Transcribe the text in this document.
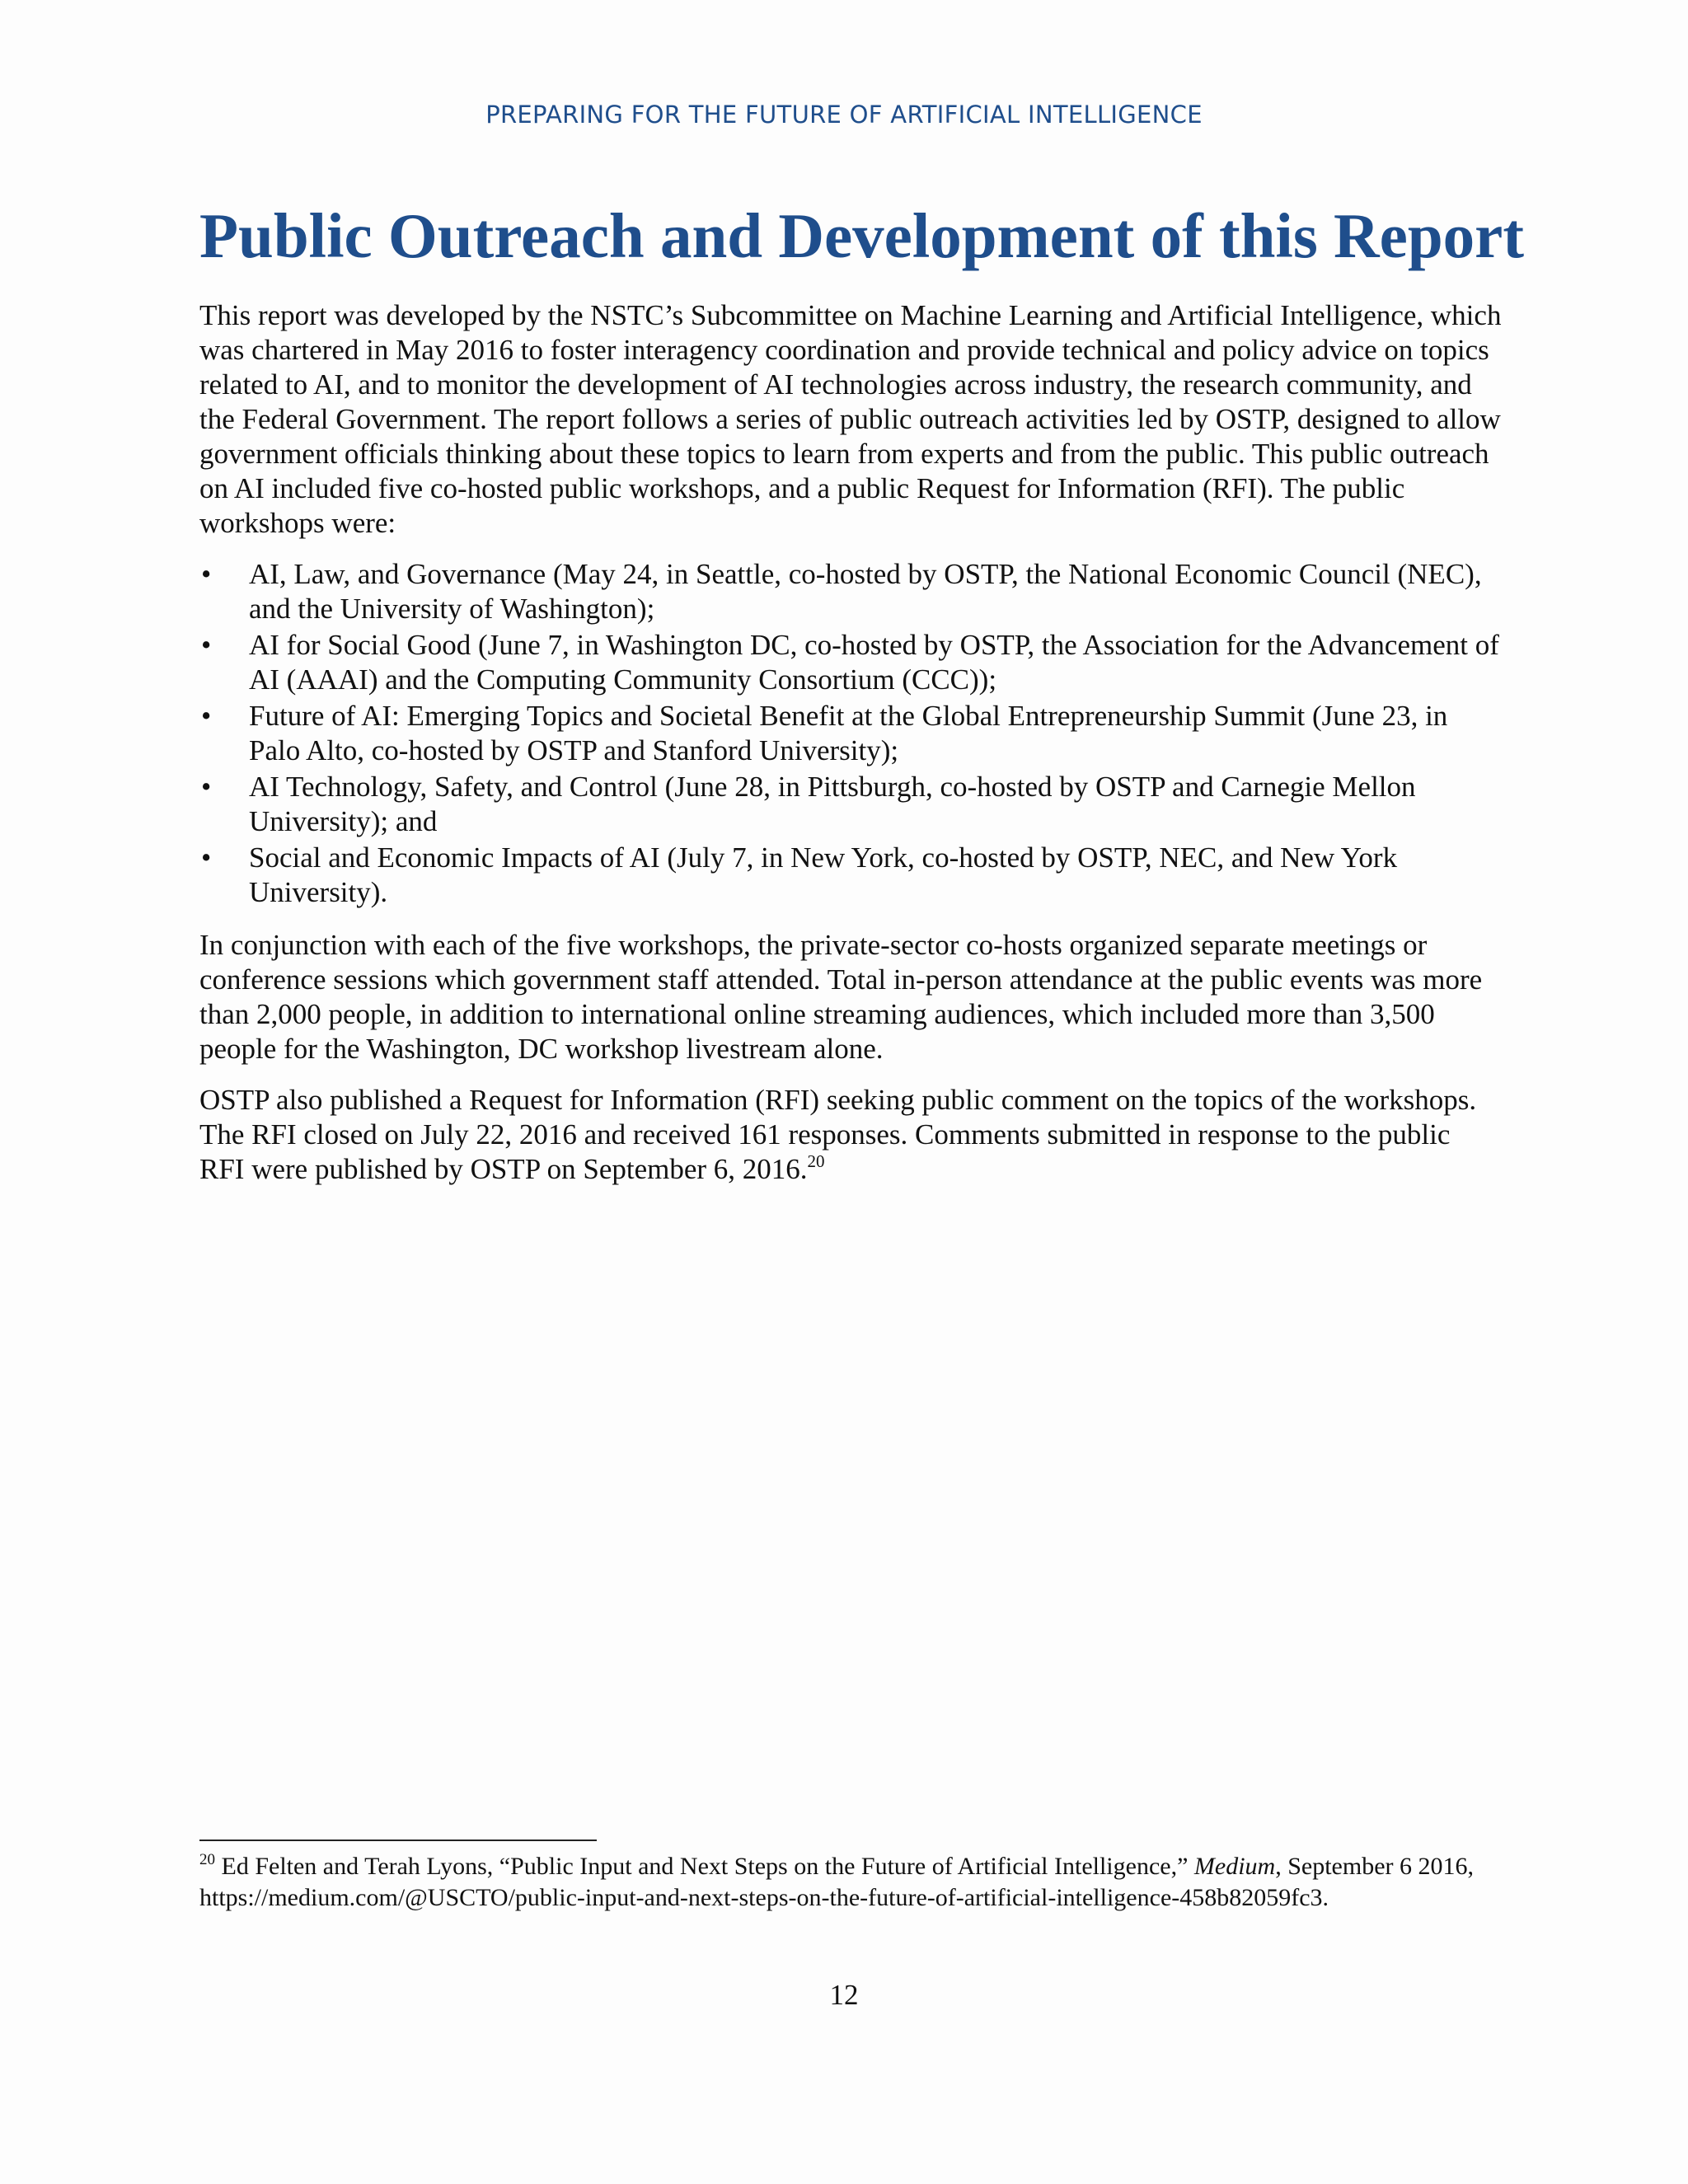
PREPARING FOR THE FUTURE OF ARTIFICIAL INTELLIGENCE
Public Outreach and Development of this Report

This report was developed by the NSTC’s Subcommittee on Machine Learning and Artificial Intelligence, which was chartered in May 2016 to foster interagency coordination and provide technical and policy advice on topics related to AI, and to monitor the development of AI technologies across industry, the research community, and the Federal Government. The report follows a series of public outreach activities led by OSTP, designed to allow government officials thinking about these topics to learn from experts and from the public. This public outreach on AI included five co-hosted public workshops, and a public Request for Information (RFI). The public workshops were:

•	AI, Law, and Governance (May 24, in Seattle, co-hosted by OSTP, the National Economic Council (NEC), and the University of Washington);
•	AI for Social Good (June 7, in Washington DC, co-hosted by OSTP, the Association for the Advancement of AI (AAAI) and the Computing Community Consortium (CCC));
•	Future of AI: Emerging Topics and Societal Benefit at the Global Entrepreneurship Summit (June 23, in Palo Alto, co-hosted by OSTP and Stanford University);
•	AI Technology, Safety, and Control (June 28, in Pittsburgh, co-hosted by OSTP and Carnegie Mellon University); and
•	Social and Economic Impacts of AI (July 7, in New York, co-hosted by OSTP, NEC, and New York University).

In conjunction with each of the five workshops, the private-sector co-hosts organized separate meetings or conference sessions which government staff attended. Total in-person attendance at the public events was more than 2,000 people, in addition to international online streaming audiences, which included more than 3,500 people for the Washington, DC workshop livestream alone.

OSTP also published a Request for Information (RFI) seeking public comment on the topics of the workshops. The RFI closed on July 22, 2016 and received 161 responses. Comments submitted in response to the public RFI were published by OSTP on September 6, 2016.20

$^{20}$ Ed Felten and Terah Lyons, “Public Input and Next Steps on the Future of Artificial Intelligence,” Medium, September 6 2016, https://medium.com/@USCTO/public-input-and-next-steps-on-the-future-of-artificial-intelligence-458b82059fc3.
12
